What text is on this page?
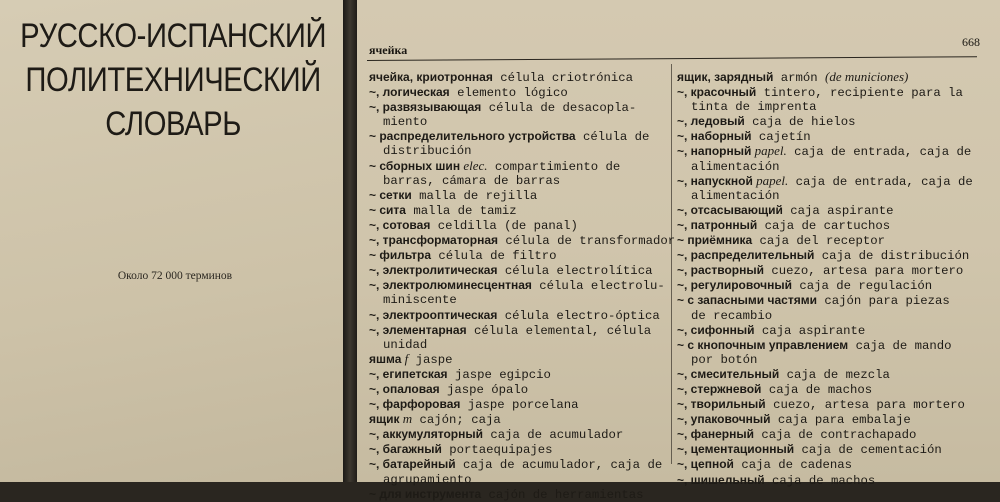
РУССКО-ИСПАНСКИЙ
ПОЛИТЕХНИЧЕСКИЙ
СЛОВАРЬ
Около 72 000 терминов
ячейка
668
ячейка, криотронная célula criotrónica
~, логическая elemento lógico
~, развязывающая célula de desacopla-
miento
~ распределительного устройства célula de
distribución
~ сборных шин elec. compartimiento de
barras, cámara de barras
~ сетки malla de rejilla
~ сита malla de tamiz
~, сотовая celdilla (de panal)
~, трансформаторная célula de transformador
~ фильтра célula de filtro
~, электролитическая célula electrolítica
~, электролюминесцентная célula electrolu-
miniscente
~, электрооптическая célula electro-óptica
~, элементарная célula elemental, célula
unidad
яшма f jaspe
~, египетская jaspe egipcio
~, опаловая jaspe ópalo
~, фарфоровая jaspe porcelana
ящик m cajón; caja
~, аккумуляторный caja de acumulador
~, багажный portaequipajes
~, батарейный caja de acumulador, caja de
agrupamiento
~ для инструмента cajón de herramientas
ящик, зарядный armón (de municiones)
~, красочный tintero, recipiente para la
tinta de imprenta
~, ледовый caja de hielos
~, наборный cajetín
~, напорный papel. caja de entrada, caja de
alimentación
~, напускной papel. caja de entrada, caja de
alimentación
~, отсасывающий caja aspirante
~, патронный caja de cartuchos
~ приёмника caja del receptor
~, распределительный caja de distribución
~, растворный cuezo, artesa para mortero
~, регулировочный caja de regulación
~ с запасными частями cajón para piezas
de recambio
~, сифонный caja aspirante
~ с кнопочным управлением caja de mando
por botón
~, смесительный caja de mezcla
~, стержневой caja de machos
~, творильный cuezo, artesa para mortero
~, упаковочный caja para embalaje
~, фанерный caja de contrachapado
~, цементационный caja de cementación
~, цепной caja de cadenas
~, шишельный caja de machos
